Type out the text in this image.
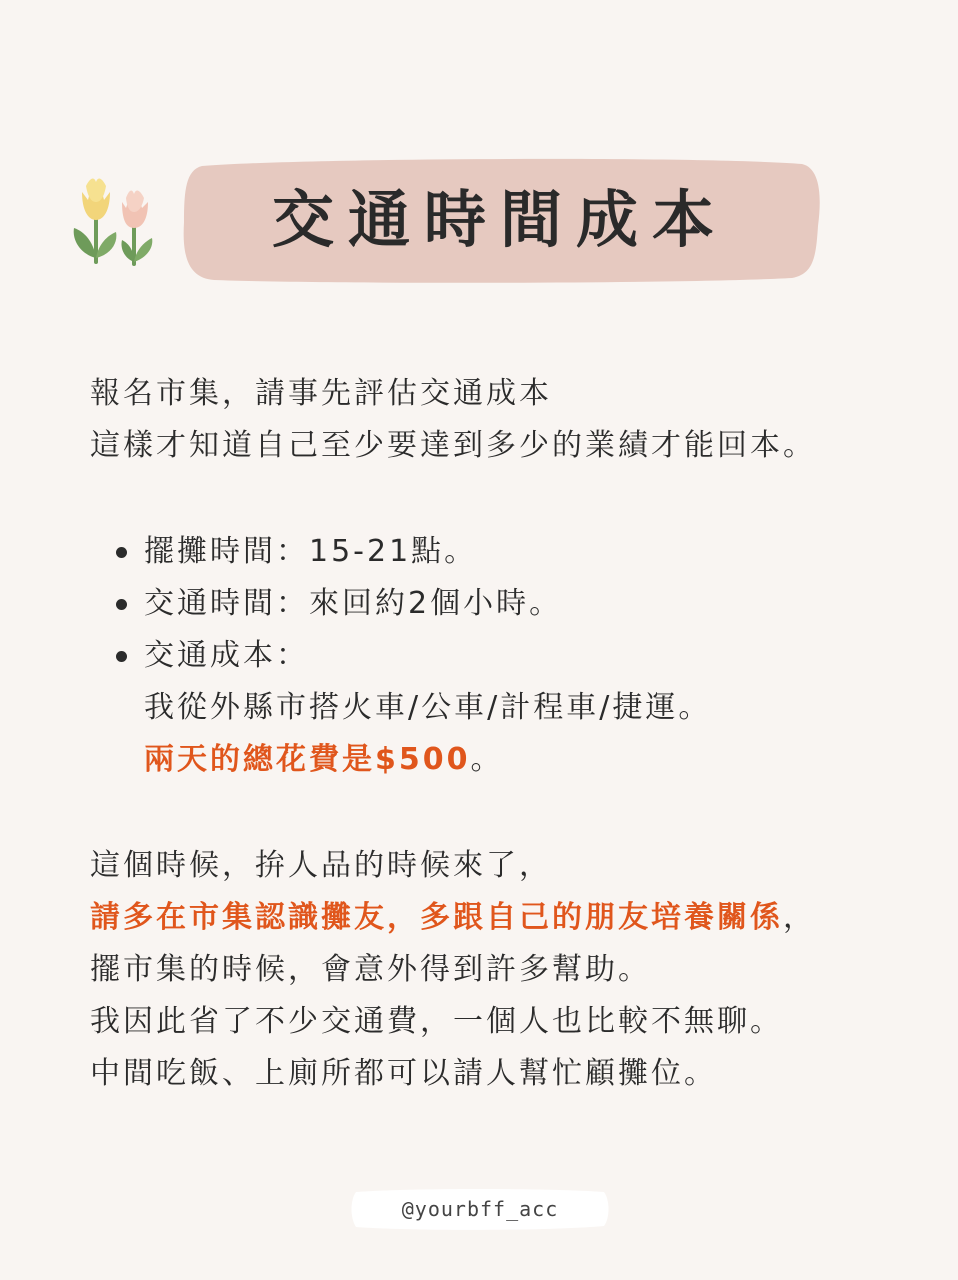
交通時間成本
報名市集，請事先評估交通成本
這樣才知道自己至少要達到多少的業績才能回本。
擺攤時間：15-21點。
交通時間：來回約2個小時。
交通成本：
我從外縣市搭火車/公車/計程車/捷運。
兩天的總花費是$500。
這個時候，拚人品的時候來了，
請多在市集認識攤友，多跟自己的朋友培養關係，
擺市集的時候，會意外得到許多幫助。
我因此省了不少交通費，一個人也比較不無聊。
中間吃飯、上廁所都可以請人幫忙顧攤位。
@yourbff_acc
